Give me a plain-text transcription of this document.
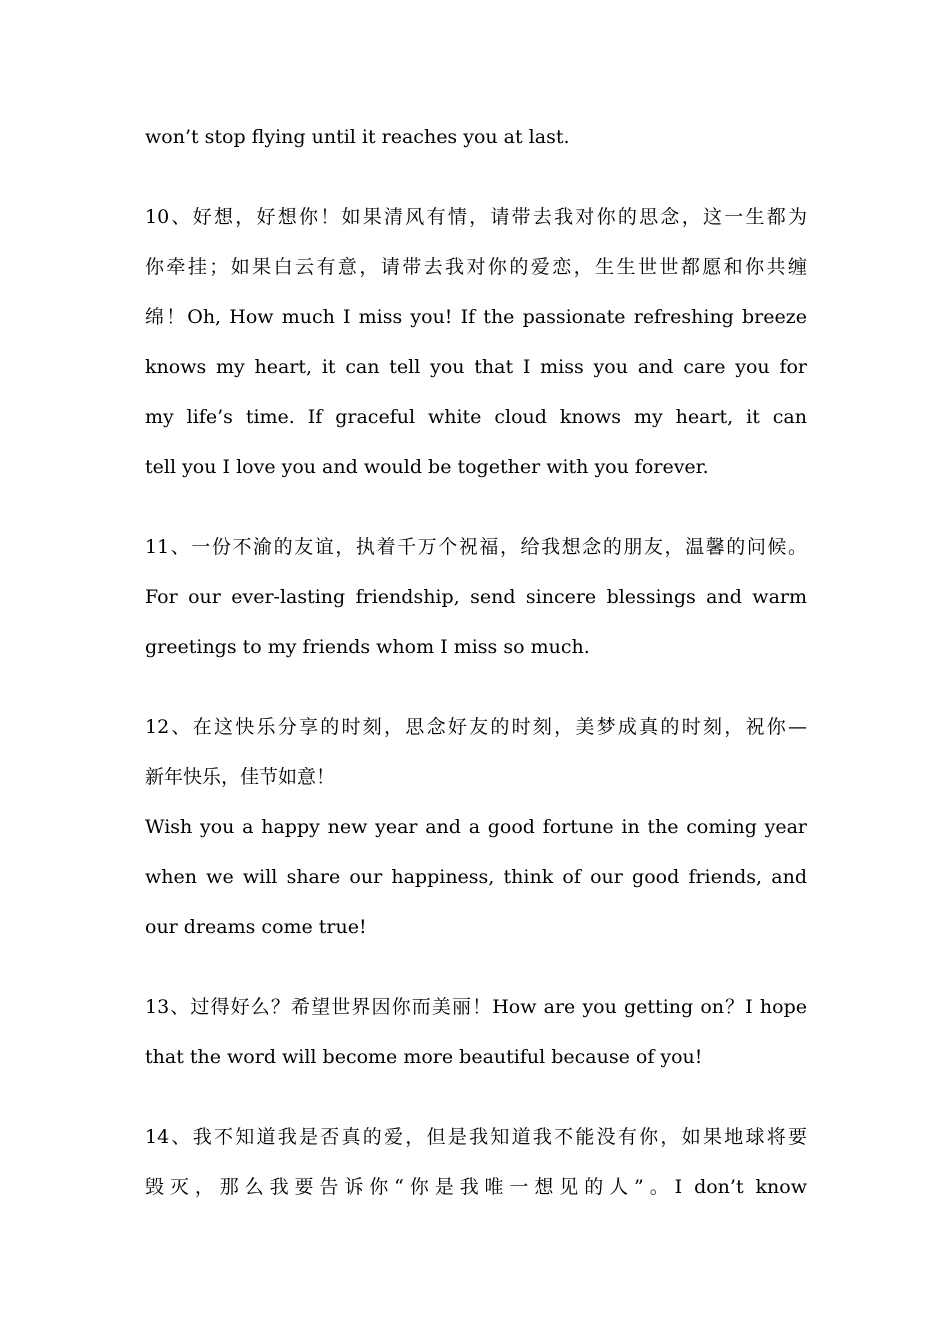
won’t stop flying until it reaches you at last.
10、好想，好想你！如果清风有情，请带去我对你的思念，这一生都为
你牵挂；如果白云有意，请带去我对你的爱恋，生生世世都愿和你共缠
绵！Oh, How much I miss you! If the passionate refreshing breeze
knows my heart, it can tell you that I miss you and care you for
my life’s time. If graceful white cloud knows my heart, it can
tell you I love you and would be together with you forever.
11、一份不渝的友谊，执着千万个祝福，给我想念的朋友，温馨的问候。
For our ever-lasting friendship, send sincere blessings and warm
greetings to my friends whom I miss so much.
12、在这快乐分享的时刻，思念好友的时刻，美梦成真的时刻，祝你—
新年快乐，佳节如意！
Wish you a happy new year and a good fortune in the coming year
when we will share our happiness, think of our good friends, and
our dreams come true!
13、过得好么？希望世界因你而美丽！How are you getting on？I hope
that the word will become more beautiful because of you!
14、我不知道我是否真的爱，但是我知道我不能没有你，如果地球将要
毁灭，那么我要告诉你“你是我唯一想见的人”。I don’t know
